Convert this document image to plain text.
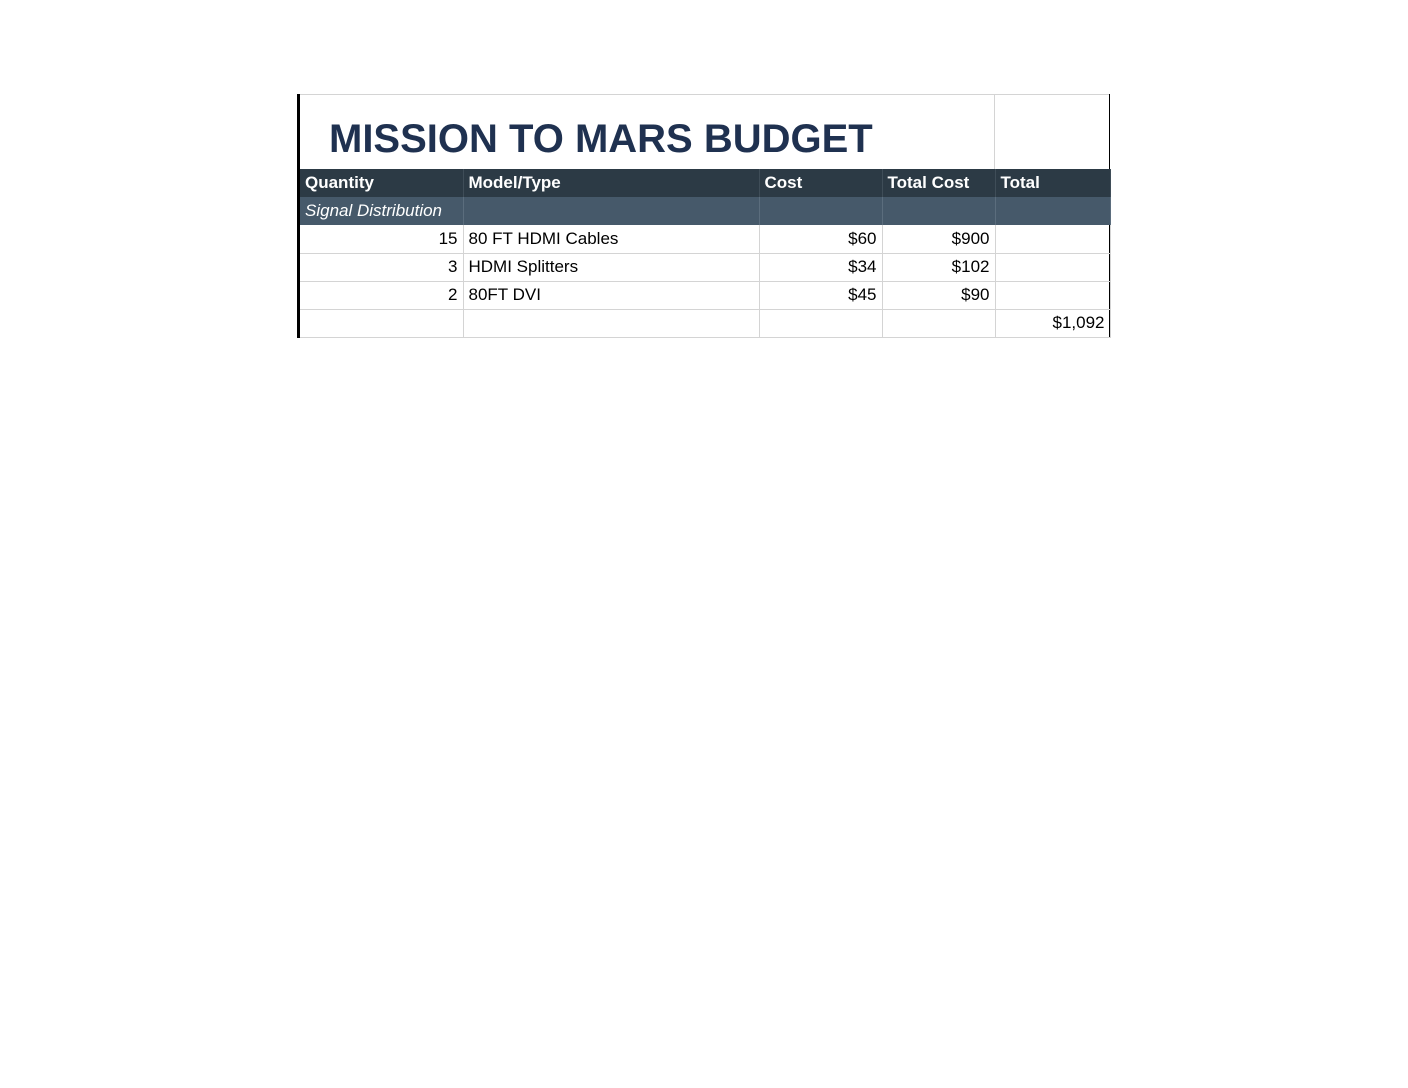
MISSION TO MARS BUDGET
Quantity	Model/Type	Cost	Total Cost	Total
Signal Distribution				
15	80 FT HDMI Cables	$60	$900	
3	HDMI Splitters	$34	$102	
2	80FT DVI	$45	$90	
				$1,092
